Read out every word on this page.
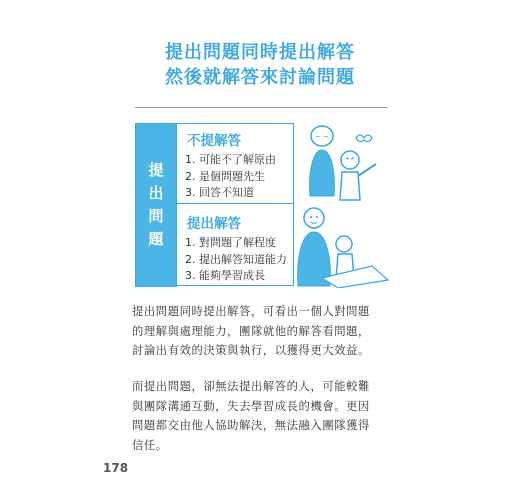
提出問題同時提出解答
然後就解答來討論問題
提
出
問
題
不提解答
1. 可能不了解原由
2. 是個問題先生
3. 回答不知道
提出解答
1. 對問題了解程度
2. 提出解答知道能力
3. 能夠學習成長
~ ~
提出問題同時提出解答，可看出一個人對問題
的理解與處理能力，團隊就他的解答看問題，
討論出有效的決策與執行，以獲得更大效益。
而提出問題，卻無法提出解答的人，可能較難
與團隊溝通互動，失去學習成長的機會。更因
問題都交由他人協助解決，無法融入團隊獲得
信任。
178
